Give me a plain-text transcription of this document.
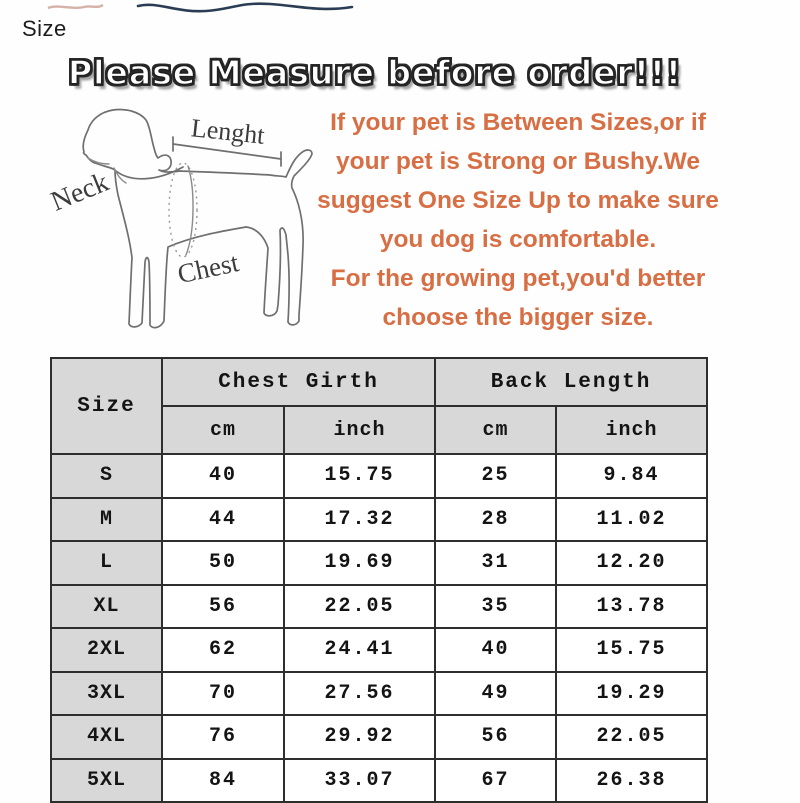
Size
Please Measure before order!!!
Lenght
Neck
Chest
If your pet is Between Sizes,or if
your pet is Strong or Bushy.We
suggest One Size Up to make sure
you dog is comfortable.
For the growing pet,you'd better
choose the bigger size.
Size	Chest Girth		Back Length	
	cm	inch	cm	inch
S	40	15.75	25	9.84
M	44	17.32	28	11.02
L	50	19.69	31	12.20
XL	56	22.05	35	13.78
2XL	62	24.41	40	15.75
3XL	70	27.56	49	19.29
4XL	76	29.92	56	22.05
5XL	84	33.07	67	26.38
